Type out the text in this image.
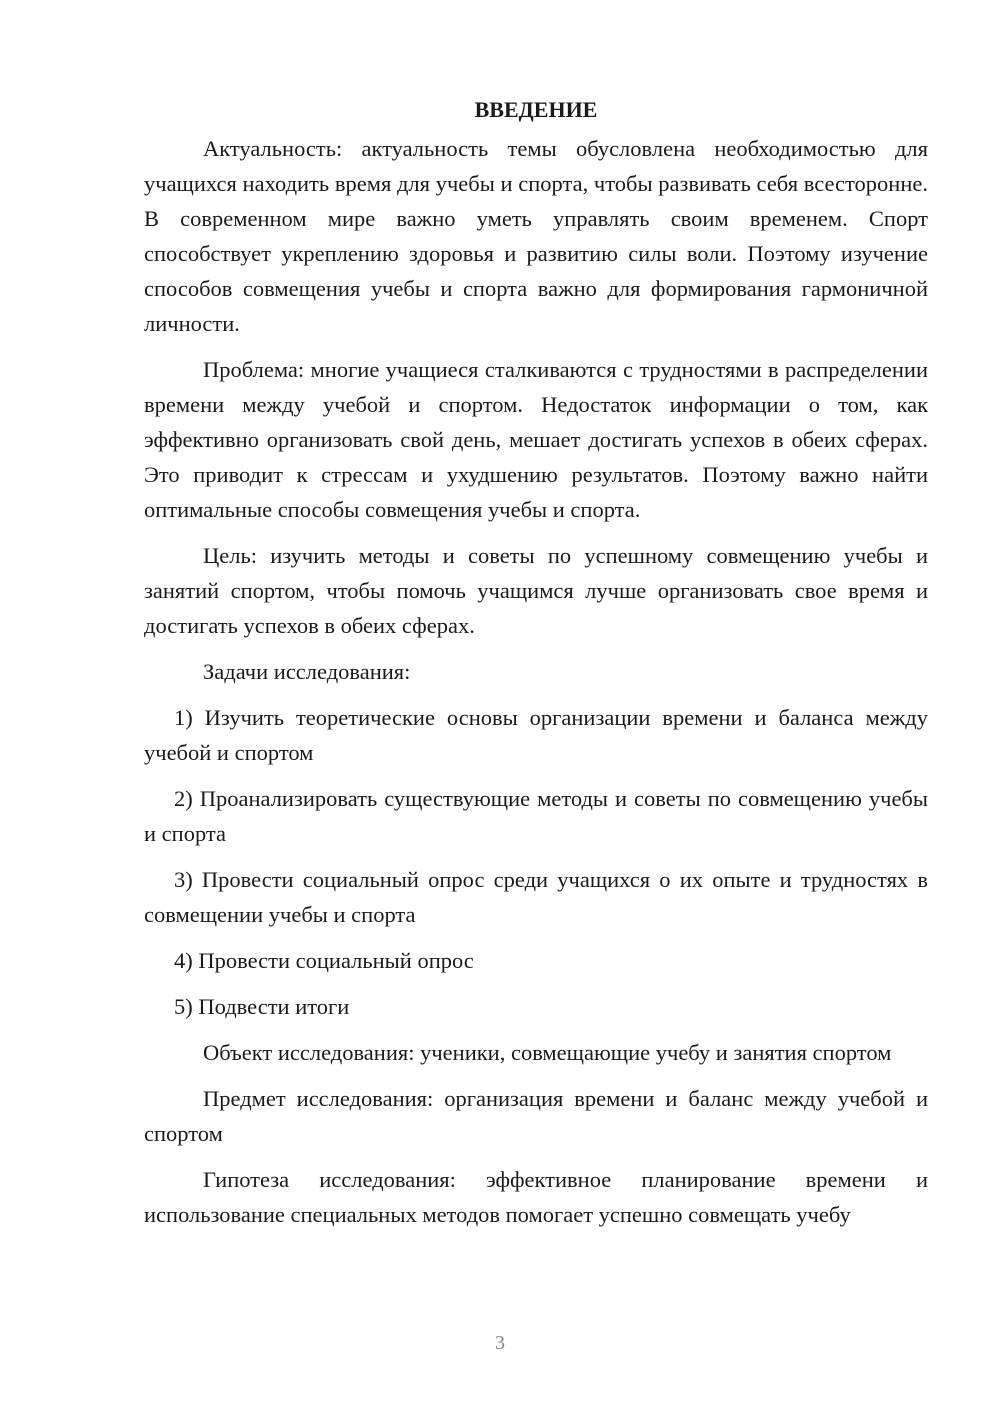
ВВЕДЕНИЕ

Актуальность: актуальность темы обусловлена необходимостью для учащихся находить время для учебы и спорта, чтобы развивать себя всесторонне. В современном мире важно уметь управлять своим временем. Спорт способствует укреплению здоровья и развитию силы воли. Поэтому изучение способов совмещения учебы и спорта важно для формирования гармоничной личности.

Проблема: многие учащиеся сталкиваются с трудностями в распределении времени между учебой и спортом. Недостаток информации о том, как эффективно организовать свой день, мешает достигать успехов в обеих сферах. Это приводит к стрессам и ухудшению результатов. Поэтому важно найти оптимальные способы совмещения учебы и спорта.

Цель: изучить методы и советы по успешному совмещению учебы и занятий спортом, чтобы помочь учащимся лучше организовать свое время и достигать успехов в обеих сферах.

Задачи исследования:

1) Изучить теоретические основы организации времени и баланса между учебой и спортом

2) Проанализировать существующие методы и советы по совмещению учебы и спорта

3) Провести социальный опрос среди учащихся о их опыте и трудностях в совмещении учебы и спорта

4) Провести социальный опрос

5) Подвести итоги

Объект исследования: ученики, совмещающие учебу и занятия спортом

Предмет исследования: организация времени и баланс между учебой и спортом

Гипотеза исследования: эффективное планирование времени и использование специальных методов помогает успешно совмещать учебу

3
